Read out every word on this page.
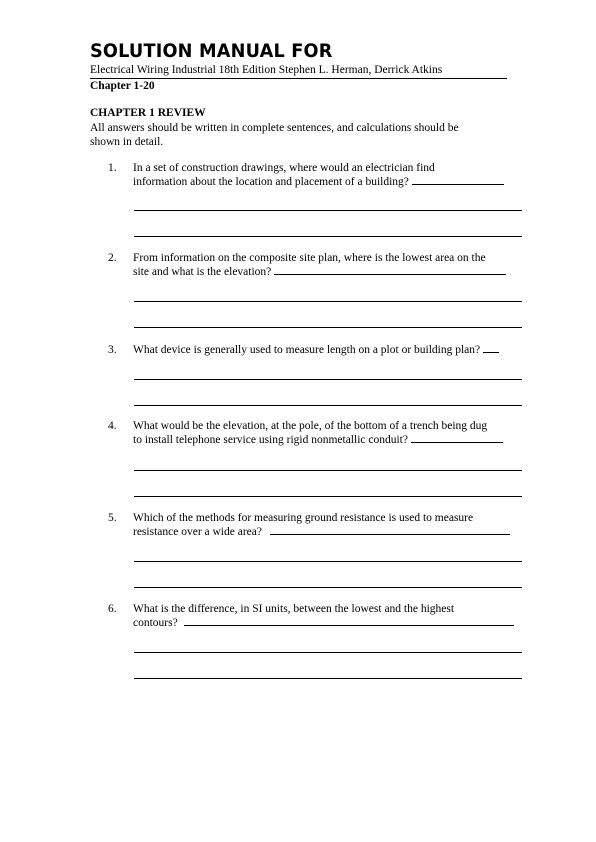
SOLUTION MANUAL FOR
Electrical Wiring Industrial 18th Edition Stephen L. Herman, Derrick Atkins
Chapter 1-20
CHAPTER 1 REVIEW
All answers should be written in complete sentences, and calculations should be shown in detail.
1. In a set of construction drawings, where would an electrician find
information about the location and placement of a building?
2. From information on the composite site plan, where is the lowest area on the
site and what is the elevation?
3. What device is generally used to measure length on a plot or building plan?
4. What would be the elevation, at the pole, of the bottom of a trench being dug
to install telephone service using rigid nonmetallic conduit?
5. Which of the methods for measuring ground resistance is used to measure
resistance over a wide area?
6. What is the difference, in SI units, between the lowest and the highest
contours?
